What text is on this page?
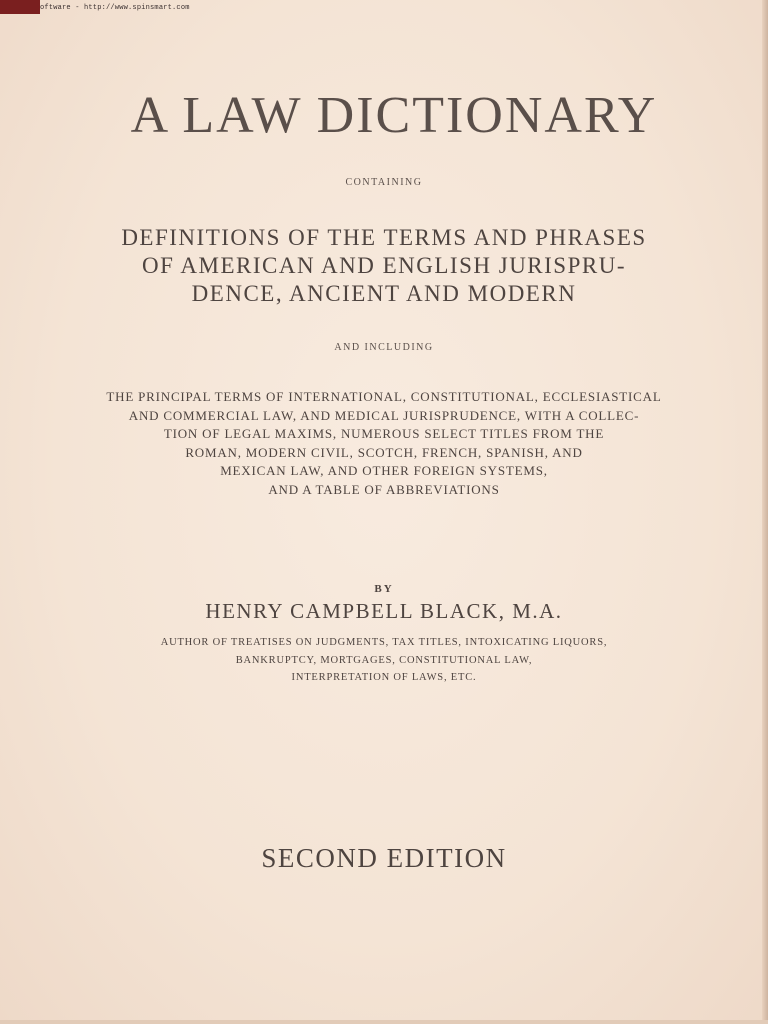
oftware - http://www.spinsmart.com
A LAW DICTIONARY
CONTAINING
DEFINITIONS OF THE TERMS AND PHRASES
OF AMERICAN AND ENGLISH JURISPRU-
DENCE, ANCIENT AND MODERN
AND INCLUDING
THE PRINCIPAL TERMS OF INTERNATIONAL, CONSTITUTIONAL, ECCLESIASTICAL
AND COMMERCIAL LAW, AND MEDICAL JURISPRUDENCE, WITH A COLLEC-
TION OF LEGAL MAXIMS, NUMEROUS SELECT TITLES FROM THE
ROMAN, MODERN CIVIL, SCOTCH, FRENCH, SPANISH, AND
MEXICAN LAW, AND OTHER FOREIGN SYSTEMS,
AND A TABLE OF ABBREVIATIONS
BY
HENRY CAMPBELL BLACK, M.A.
AUTHOR OF TREATISES ON JUDGMENTS, TAX TITLES, INTOXICATING LIQUORS,
BANKRUPTCY, MORTGAGES, CONSTITUTIONAL LAW,
INTERPRETATION OF LAWS, ETC.
SECOND EDITION
